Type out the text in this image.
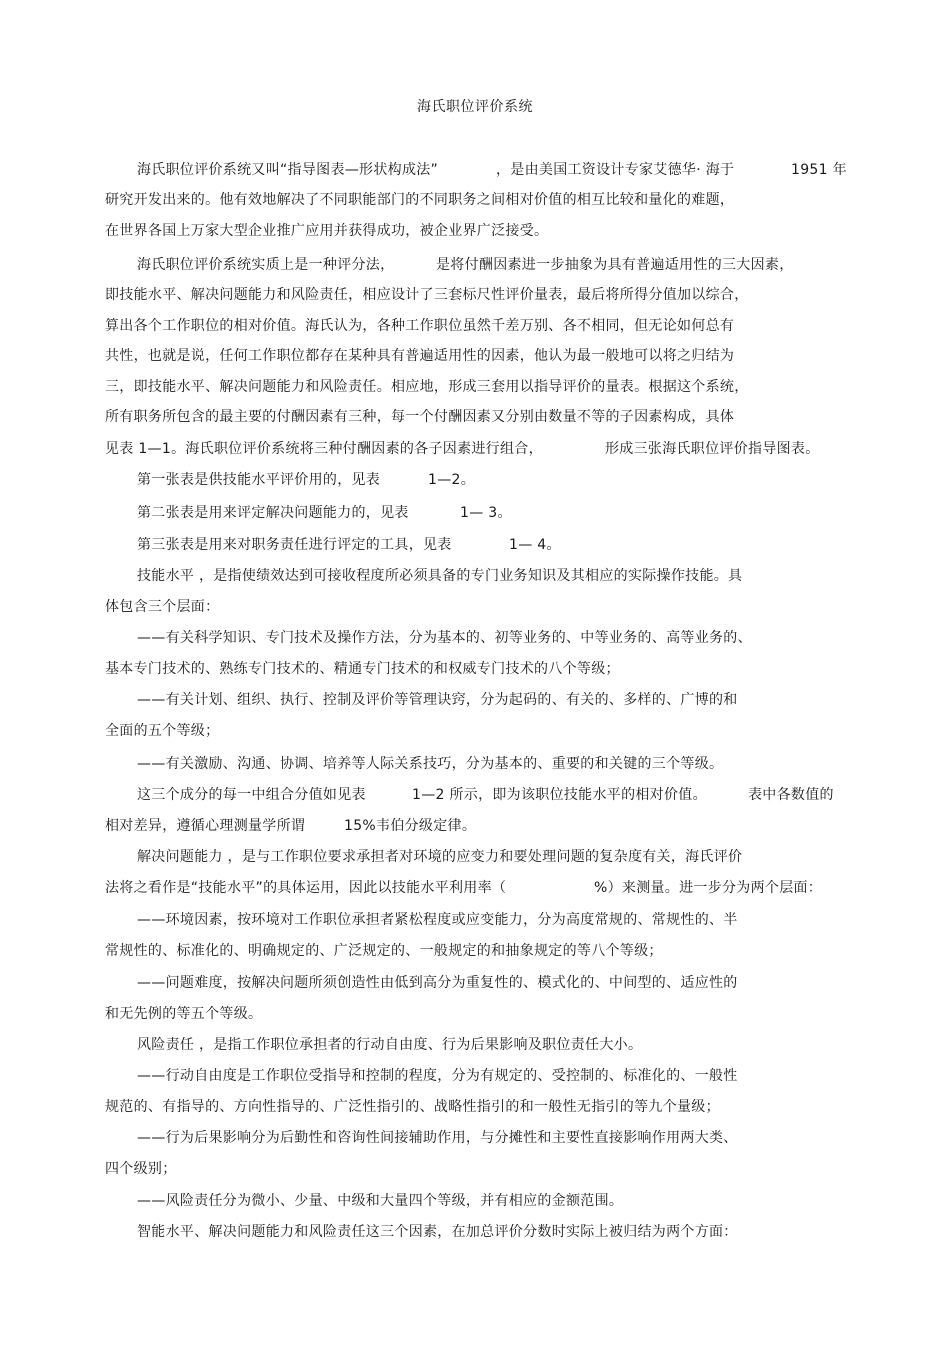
海氏职位评价系统
海氏职位评价系统又叫“指导图表—形状构成法”	，是由美国工资设计专家艾德华· 海于	1951 年
研究开发出来的。他有效地解决了不同职能部门的不同职务之间相对价值的相互比较和量化的难题，
在世界各国上万家大型企业推广应用并获得成功，被企业界广泛接受。
海氏职位评价系统实质上是一种评分法，	是将付酬因素进一步抽象为具有普遍适用性的三大因素，
即技能水平、解决问题能力和风险责任，相应设计了三套标尺性评价量表，最后将所得分值加以综合，
算出各个工作职位的相对价值。海氏认为，各种工作职位虽然千差万别、各不相同，但无论如何总有
共性，也就是说，任何工作职位都存在某种具有普遍适用性的因素，他认为最一般地可以将之归结为
三，即技能水平、解决问题能力和风险责任。相应地，形成三套用以指导评价的量表。根据这个系统，
所有职务所包含的最主要的付酬因素有三种，每一个付酬因素又分别由数量不等的子因素构成，具体
见表 1—1。海氏职位评价系统将三种付酬因素的各子因素进行组合，	形成三张海氏职位评价指导图表。
第一张表是供技能水平评价用的，见表	1—2。
第二张表是用来评定解决问题能力的，见表	1— 3。
第三张表是用来对职务责任进行评定的工具，见表	1— 4。
技能水平 ，是指使绩效达到可接收程度所必须具备的专门业务知识及其相应的实际操作技能。具
体包含三个层面：
——有关科学知识、专门技术及操作方法，分为基本的、初等业务的、中等业务的、高等业务的、
基本专门技术的、熟练专门技术的、精通专门技术的和权威专门技术的八个等级；
——有关计划、组织、执行、控制及评价等管理诀窍，分为起码的、有关的、多样的、广博的和
全面的五个等级；
——有关激励、沟通、协调、培养等人际关系技巧，分为基本的、重要的和关键的三个等级。
这三个成分的每一中组合分值如见表	1—2 所示，即为该职位技能水平的相对价值。	表中各数值的
相对差异，遵循心理测量学所谓	15%韦伯分级定律。
解决问题能力 ，是与工作职位要求承担者对环境的应变力和要处理问题的复杂度有关，海氏评价
法将之看作是“技能水平”的具体运用，因此以技能水平利用率（	%）来测量。进一步分为两个层面：
——环境因素，按环境对工作职位承担者紧松程度或应变能力，分为高度常规的、常规性的、半
常规性的、标准化的、明确规定的、广泛规定的、一般规定的和抽象规定的等八个等级；
——问题难度，按解决问题所须创造性由低到高分为重复性的、模式化的、中间型的、适应性的
和无先例的等五个等级。
风险责任 ，是指工作职位承担者的行动自由度、行为后果影响及职位责任大小。
——行动自由度是工作职位受指导和控制的程度，分为有规定的、受控制的、标准化的、一般性
规范的、有指导的、方向性指导的、广泛性指引的、战略性指引的和一般性无指引的等九个量级；
——行为后果影响分为后勤性和咨询性间接辅助作用，与分摊性和主要性直接影响作用两大类、
四个级别；
——风险责任分为微小、少量、中级和大量四个等级，并有相应的金额范围。
智能水平、解决问题能力和风险责任这三个因素，在加总评价分数时实际上被归结为两个方面：
